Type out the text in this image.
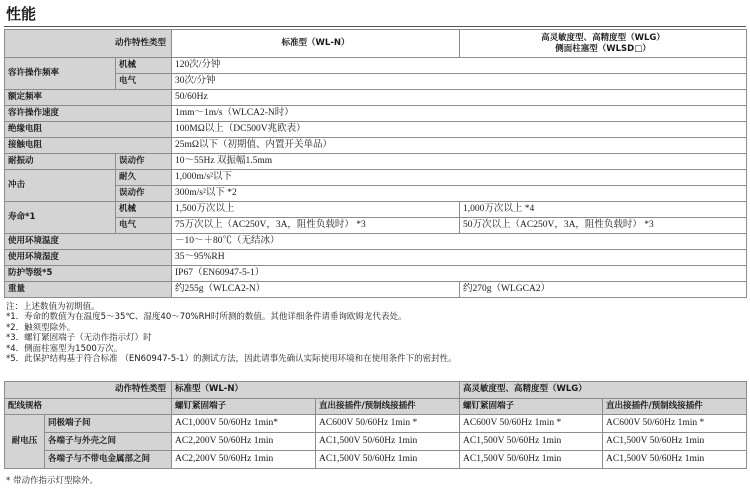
性能
动作特性类型		标准型（WL-N）	高灵敏度型、高精度型（WLG）
侧面柱塞型（WLSD□）

容许操作频率	机械	120次/分钟	
	电气	30次/分钟	
额定频率		50/60Hz	
容许操作速度		1mm～1m/s（WLCA2-N时）	
绝缘电阻		100MΩ以上（DC500V兆欧表）	
接触电阻		25mΩ以下（初期值、内置开关单品）	
耐振动	误动作	10～55Hz 双振幅1.5mm	
冲击	耐久	1,000m/s²以下	
	误动作	300m/s²以下 *2	
寿命*1	机械	1,500万次以上	1,000万次以上 *4
	电气	75万次以上（AC250V，3A，阻性负载时） *3	50万次以上（AC250V，3A，阻性负载时） *3
使用环境温度		－10～＋80℃（无结冰）	
使用环境湿度		35～95%RH	
防护等级*5		IP67（EN60947-5-1）	
重量		约255g（WLCA2-N）	约270g（WLGCA2）
注：上述数值为初期值。
*1．寿命的数值为在温度5～35℃、湿度40～70%RH时所测的数值。其他详细条件请垂询欧姆龙代表处。
*2．触须型除外。
*3．螺钉紧固端子（无动作指示灯）时
*4．侧面柱塞型为1500万次。
*5．此保护结构基于符合标准 （EN60947-5-1）的测试方法，因此请事先确认实际使用环境和在使用条件下的密封性。
动作特性类型		标准型（WL-N）		高灵敏度型、高精度型（WLG）	
配线规格		螺钉紧固端子	直出接插件/预制线接插件	螺钉紧固端子	直出接插件/预制线接插件
耐电压	同极端子间	AC1,000V 50/60Hz 1min*	AC600V 50/60Hz 1min *	AC600V 50/60Hz 1min *	AC600V 50/60Hz 1min *
	各端子与外壳之间	AC2,200V 50/60Hz 1min	AC1,500V 50/60Hz 1min	AC1,500V 50/60Hz 1min	AC1,500V 50/60Hz 1min
	各端子与不带电金属部之间	AC2,200V 50/60Hz 1min	AC1,500V 50/60Hz 1min	AC1,500V 50/60Hz 1min	AC1,500V 50/60Hz 1min
* 带动作指示灯型除外。
